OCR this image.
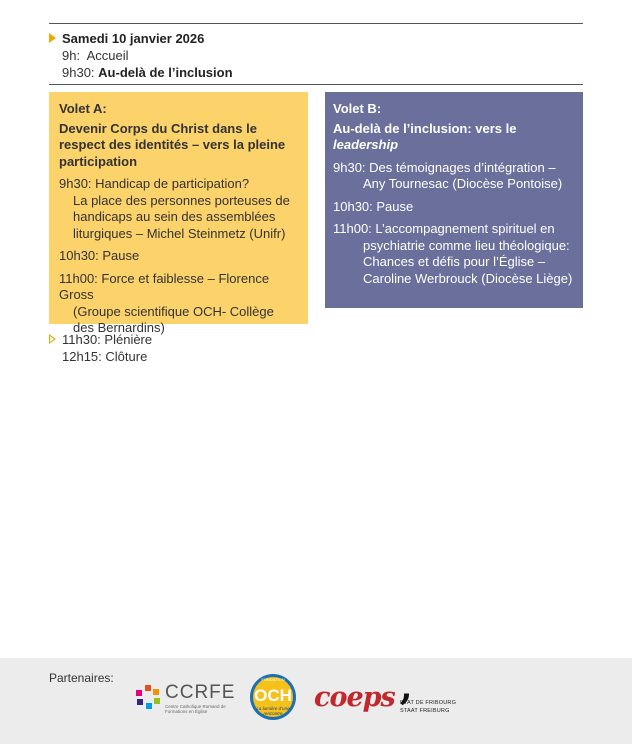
Samedi 10 janvier 2026
9h: Accueil
9h30: Au-delà de l’inclusion
Volet A:
Devenir Corps du Christ dans le respect des identités – vers la pleine participation
9h30: Handicap de participation?
La place des personnes porteuses de handicaps au sein des assemblées liturgiques – Michel Steinmetz (Unifr)
10h30: Pause
11h00: Force et faiblesse – Florence Gross
(Groupe scientifique OCH- Collège des Bernardins)
Volet B:
Au-delà de l’inclusion: vers le
leadership
9h30: Des témoignages d’intégration –
Any Tournesac (Diocèse Pontoise)
10h30: Pause
11h00: L’accompagnement spirituel en
psychiatrie comme lieu théologique: Chances et défis pour l’Église – Caroline Werbrouck (Diocèse Liège)
11h30: Plénière
12h15: Clôture
Partenaires:
CCRFE
Centre Catholique Romand de Formations en Église
FONDATION
OCH
La lumière d’une rencontre
coeps ,
ETAT DE FRIBOURG
STAAT FREIBURG
